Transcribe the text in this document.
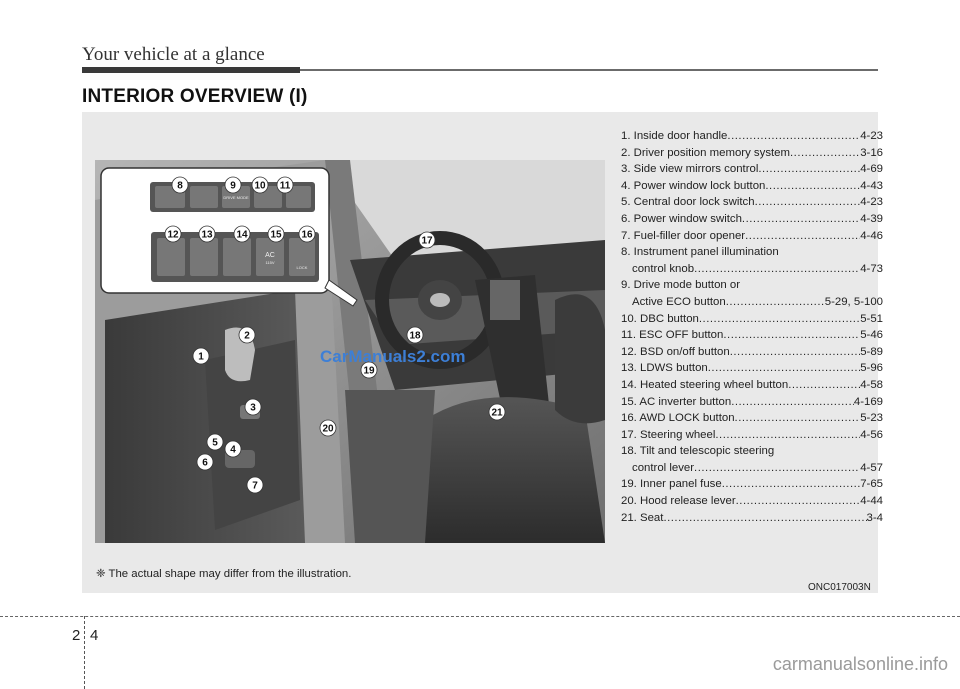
Your vehicle at a glance
INTERIOR OVERVIEW (I)
DRIVE MODE
AC
115V
LOCK
1
2
3
4
5
6
7
8	9 10 11
12 13 14 15 16
17
18
19
20
21
CarManuals2.com
1. Inside door handle .....	4-23
2. Driver position memory system .....	3-16
3. Side view mirrors control .....	4-69
4. Power window lock button .....	4-43
5. Central door lock switch .....	4-23
6. Power window switch .....	4-39
7. Fuel-filler door opener .....	4-46
8. Instrument panel illumination
control knob .....	4-73
9. Drive mode button or
Active ECO button .....	5-29, 5-100
10. DBC button .....	5-51
11. ESC OFF button .....	5-46
12. BSD on/off button .....	5-89
13. LDWS button .....	5-96
14. Heated steering wheel button .....	4-58
15. AC inverter button .....	4-169
16. AWD LOCK button .....	5-23
17. Steering wheel .....	4-56
18. Tilt and telescopic steering
control lever .....	4-57
19. Inner panel fuse .....	7-65
20. Hood release lever .....	4-44
21. Seat .....	3-4
❈ The actual shape may differ from the illustration.
ONC017003N
2 4
carmanualsonline.info
